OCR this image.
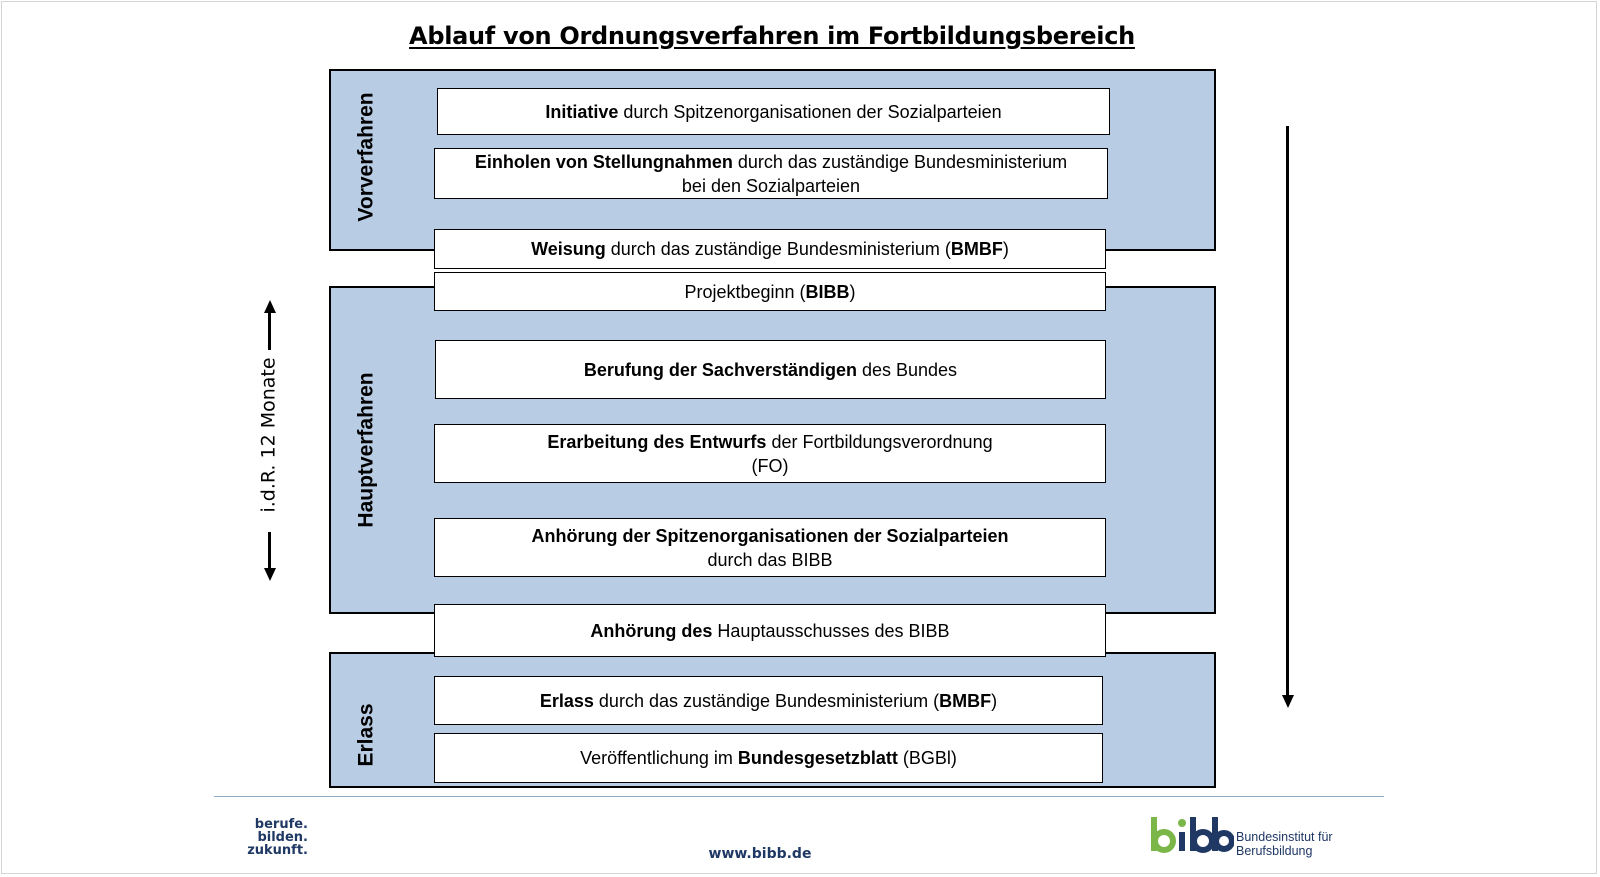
Ablauf von Ordnungsverfahren im Fortbildungsbereich
Vorverfahren
Hauptverfahren
Erlass
Initiative durch Spitzenorganisationen der Sozialparteien
Einholen von Stellungnahmen durch das zuständige Bundesministerium
bei den Sozialparteien
Weisung durch das zuständige Bundesministerium (BMBF)
Projektbeginn (BIBB)
Berufung der Sachverständigen des Bundes
Erarbeitung des Entwurfs der Fortbildungsverordnung
(FO)
Anhörung der Spitzenorganisationen der Sozialparteien
durch das BIBB
Anhörung des Hauptausschusses des BIBB
Erlass durch das zuständige Bundesministerium (BMBF)
Veröffentlichung im Bundesgesetzblatt (BGBl)
i.d.R. 12 Monate
berufe.
bilden.
zukunft.	www.bibb.de
Bundesinstitut für
Berufsbildung
